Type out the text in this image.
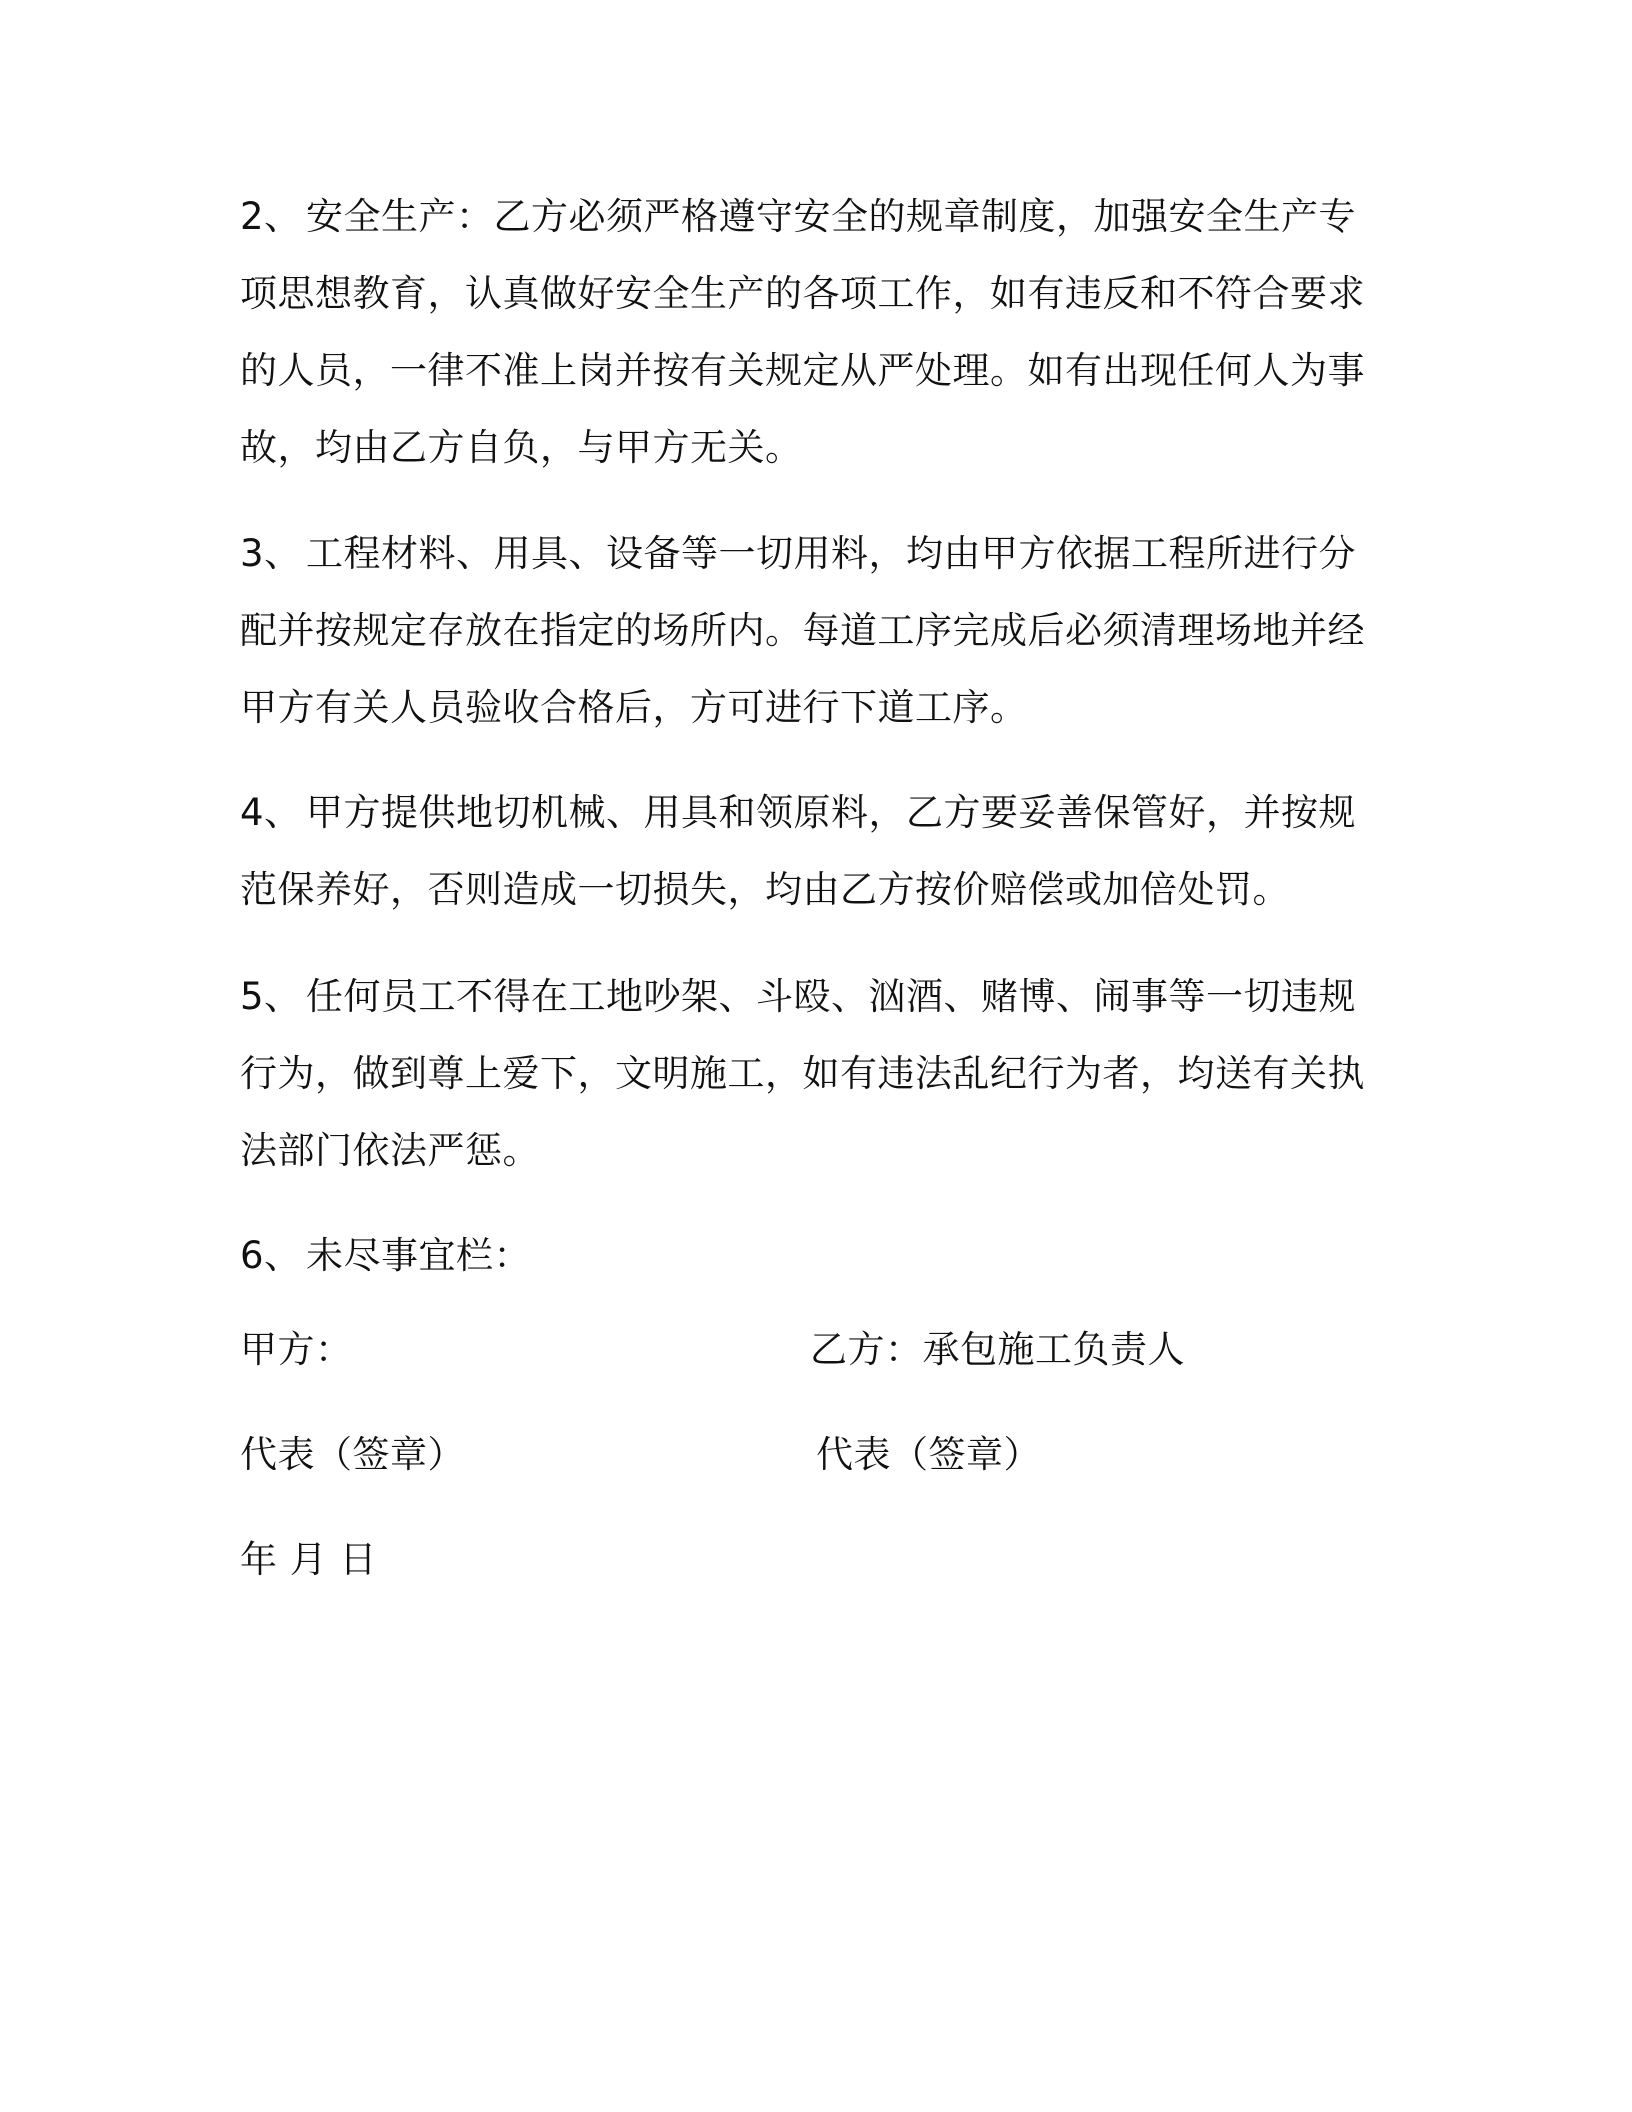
2、 安全生产：乙方必须严格遵守安全的规章制度，加强安全生产专项思想教育，认真做好安全生产的各项工作，如有违反和不符合要求的人员，一律不准上岗并按有关规定从严处理。如有出现任何人为事故，均由乙方自负，与甲方无关。

3、 工程材料、用具、设备等一切用料，均由甲方依据工程所进行分配并按规定存放在指定的场所内。每道工序完成后必须清理场地并经甲方有关人员验收合格后，方可进行下道工序。

4、 甲方提供地切机械、用具和领原料，乙方要妥善保管好，并按规范保养好，否则造成一切损失，均由乙方按价赔偿或加倍处罚。

5、 任何员工不得在工地吵架、斗殴、汹酒、赌博、闹事等一切违规行为，做到尊上爱下，文明施工，如有违法乱纪行为者，均送有关执法部门依法严惩。

6、 未尽事宜栏：

甲方：	乙方：承包施工负责人
代表（签章）	代表（签章）
年 月 日
